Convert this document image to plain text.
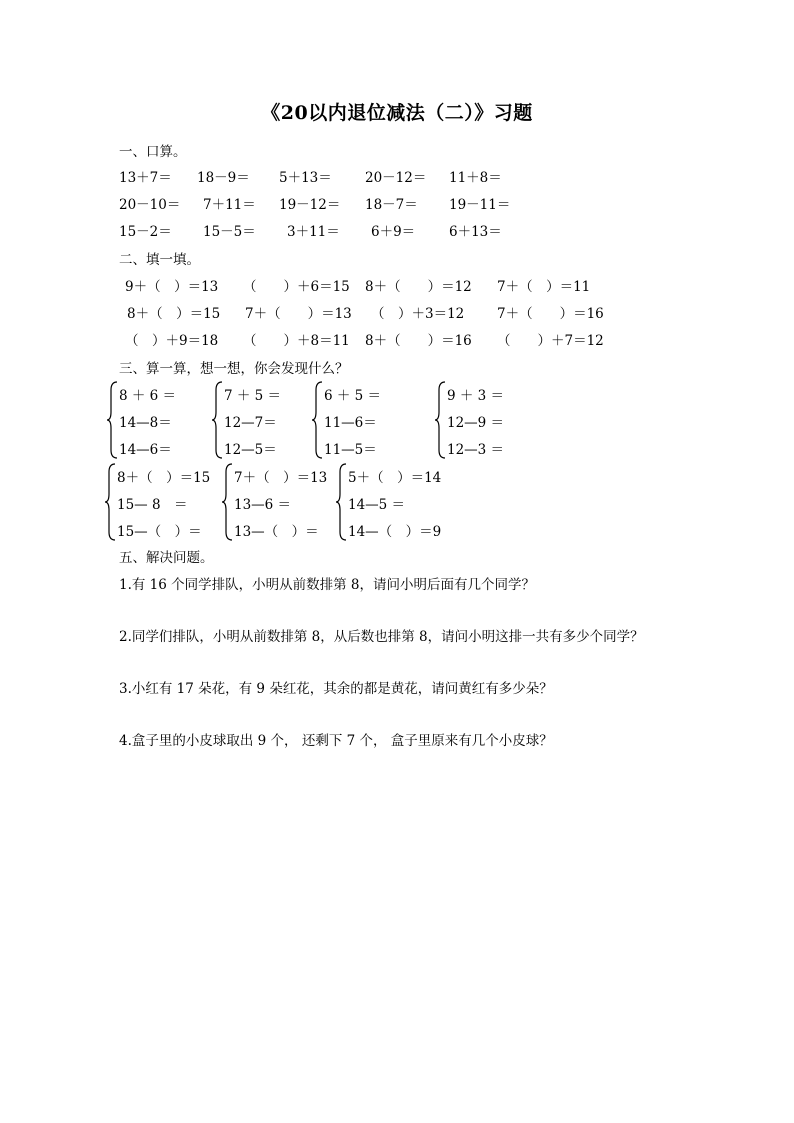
《20以内退位减法（二）》习题
一、口算。
13＋7＝ 18－9＝ 5＋13＝ 20－12＝ 11＋8＝
20－10＝ 7＋11＝ 19－12＝ 18－7＝ 19－11＝
15－2＝ 15－5＝ 3＋11＝ 6＋9＝	6＋13＝
二、填一填。
9＋（　）＝13 （　　）＋6＝15 8＋（　　）＝12 7＋（　）＝11
8＋（　）＝15 7＋（　　）＝13 （　）＋3＝12 7＋（　　）＝16
（　）＋9＝18 （　　）＋8＝11 8＋（　　）＝16 （　　）＋7＝12
三、算一算，想一想，你会发现什么？
8 ＋ 6 ＝
14—8＝
14—6＝
7 ＋ 5 ＝
12—7＝
12—5＝
6 ＋ 5 ＝
11—6＝
11—5＝
9 ＋ 3 ＝
12—9 ＝
12—3 ＝
8＋（　）＝15
15— 8　＝
15—（　）＝
7＋（　）＝13
13—6 ＝
13—（　）＝
5＋（　）＝14
14—5 ＝
14—（　）＝9
五、解决问题。
1.有 16 个同学排队，小明从前数排第 8，请问小明后面有几个同学？
2.同学们排队，小明从前数排第 8，从后数也排第 8，请问小明这排一共有多少个同学？
3.小红有 17 朵花，有 9 朵红花，其余的都是黄花，请问黄红有多少朵？
4.盒子里的小皮球取出 9 个， 还剩下 7 个， 盒子里原来有几个小皮球？
